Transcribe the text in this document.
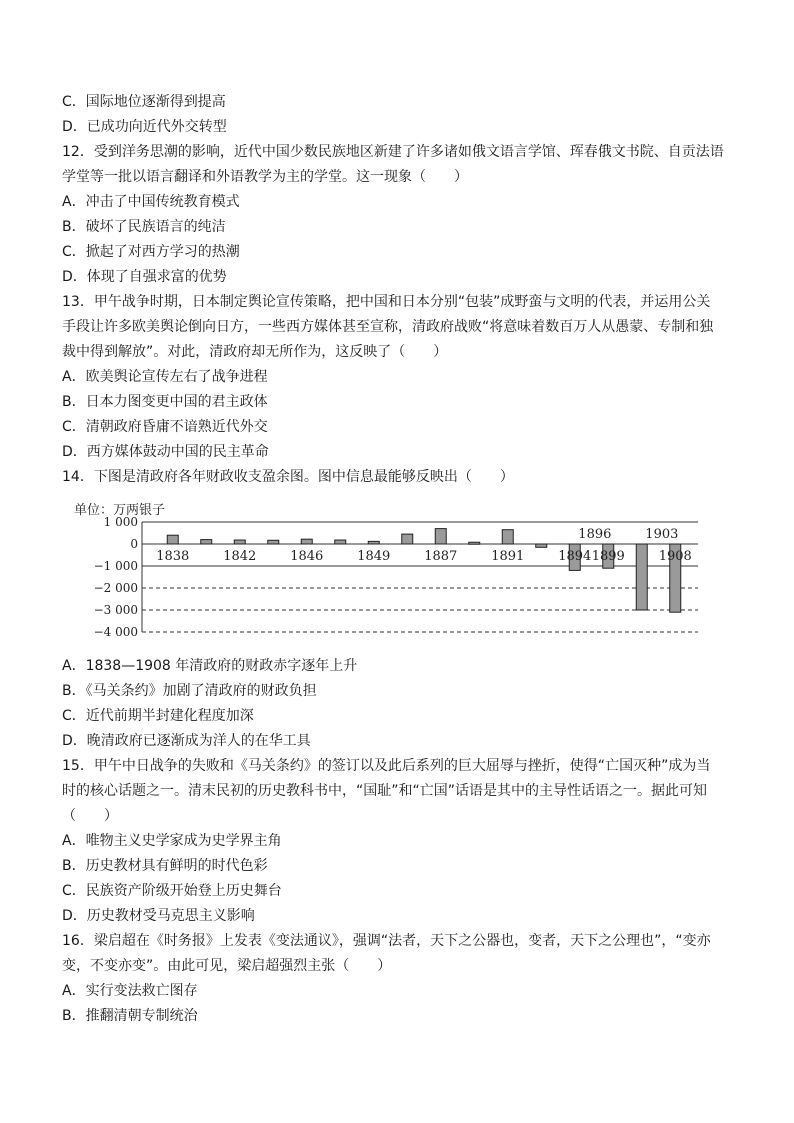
C．国际地位逐渐得到提高
D．已成功向近代外交转型
12．受到洋务思潮的影响，近代中国少数民族地区新建了许多诸如俄文语言学馆、珲春俄文书院、自贡法语
学堂等一批以语言翻译和外语教学为主的学堂。这一现象（　　）
A．冲击了中国传统教育模式
B．破坏了民族语言的纯洁
C．掀起了对西方学习的热潮
D．体现了自强求富的优势
13．甲午战争时期，日本制定舆论宣传策略，把中国和日本分别“包装”成野蛮与文明的代表，并运用公关
手段让许多欧美舆论倒向日方，一些西方媒体甚至宣称，清政府战败“将意味着数百万人从愚蒙、专制和独
裁中得到解放”。对此，清政府却无所作为，这反映了（　　）
A．欧美舆论宣传左右了战争进程
B．日本力图变更中国的君主政体
C．清朝政府昏庸不谙熟近代外交
D．西方媒体鼓动中国的民主革命
14．下图是清政府各年财政收支盈余图。图中信息最能够反映出（　　）
单位：万两银子
1 000
0
−1 000
−2 000
−3 000
−4 000
1838	1842	1846	1849	1887	1891	1894
1896	1903
1899	1908
A．1838—1908 年清政府的财政赤字逐年上升
B．《马关条约》加剧了清政府的财政负担
C．近代前期半封建化程度加深
D．晚清政府已逐渐成为洋人的在华工具
15．甲午中日战争的失败和《马关条约》的签订以及此后系列的巨大屈辱与挫折，使得“亡国灭种”成为当
时的核心话题之一。清末民初的历史教科书中，“国耻”和“亡国”话语是其中的主导性话语之一。据此可知
（　　）
A．唯物主义史学家成为史学界主角
B．历史教材具有鲜明的时代色彩
C．民族资产阶级开始登上历史舞台
D．历史教材受马克思主义影响
16．梁启超在《时务报》上发表《变法通议》，强调“法者，天下之公器也，变者，天下之公理也”，“变亦
变，不变亦变”。由此可见，梁启超强烈主张（　　）
A．实行变法救亡图存
B．推翻清朝专制统治
